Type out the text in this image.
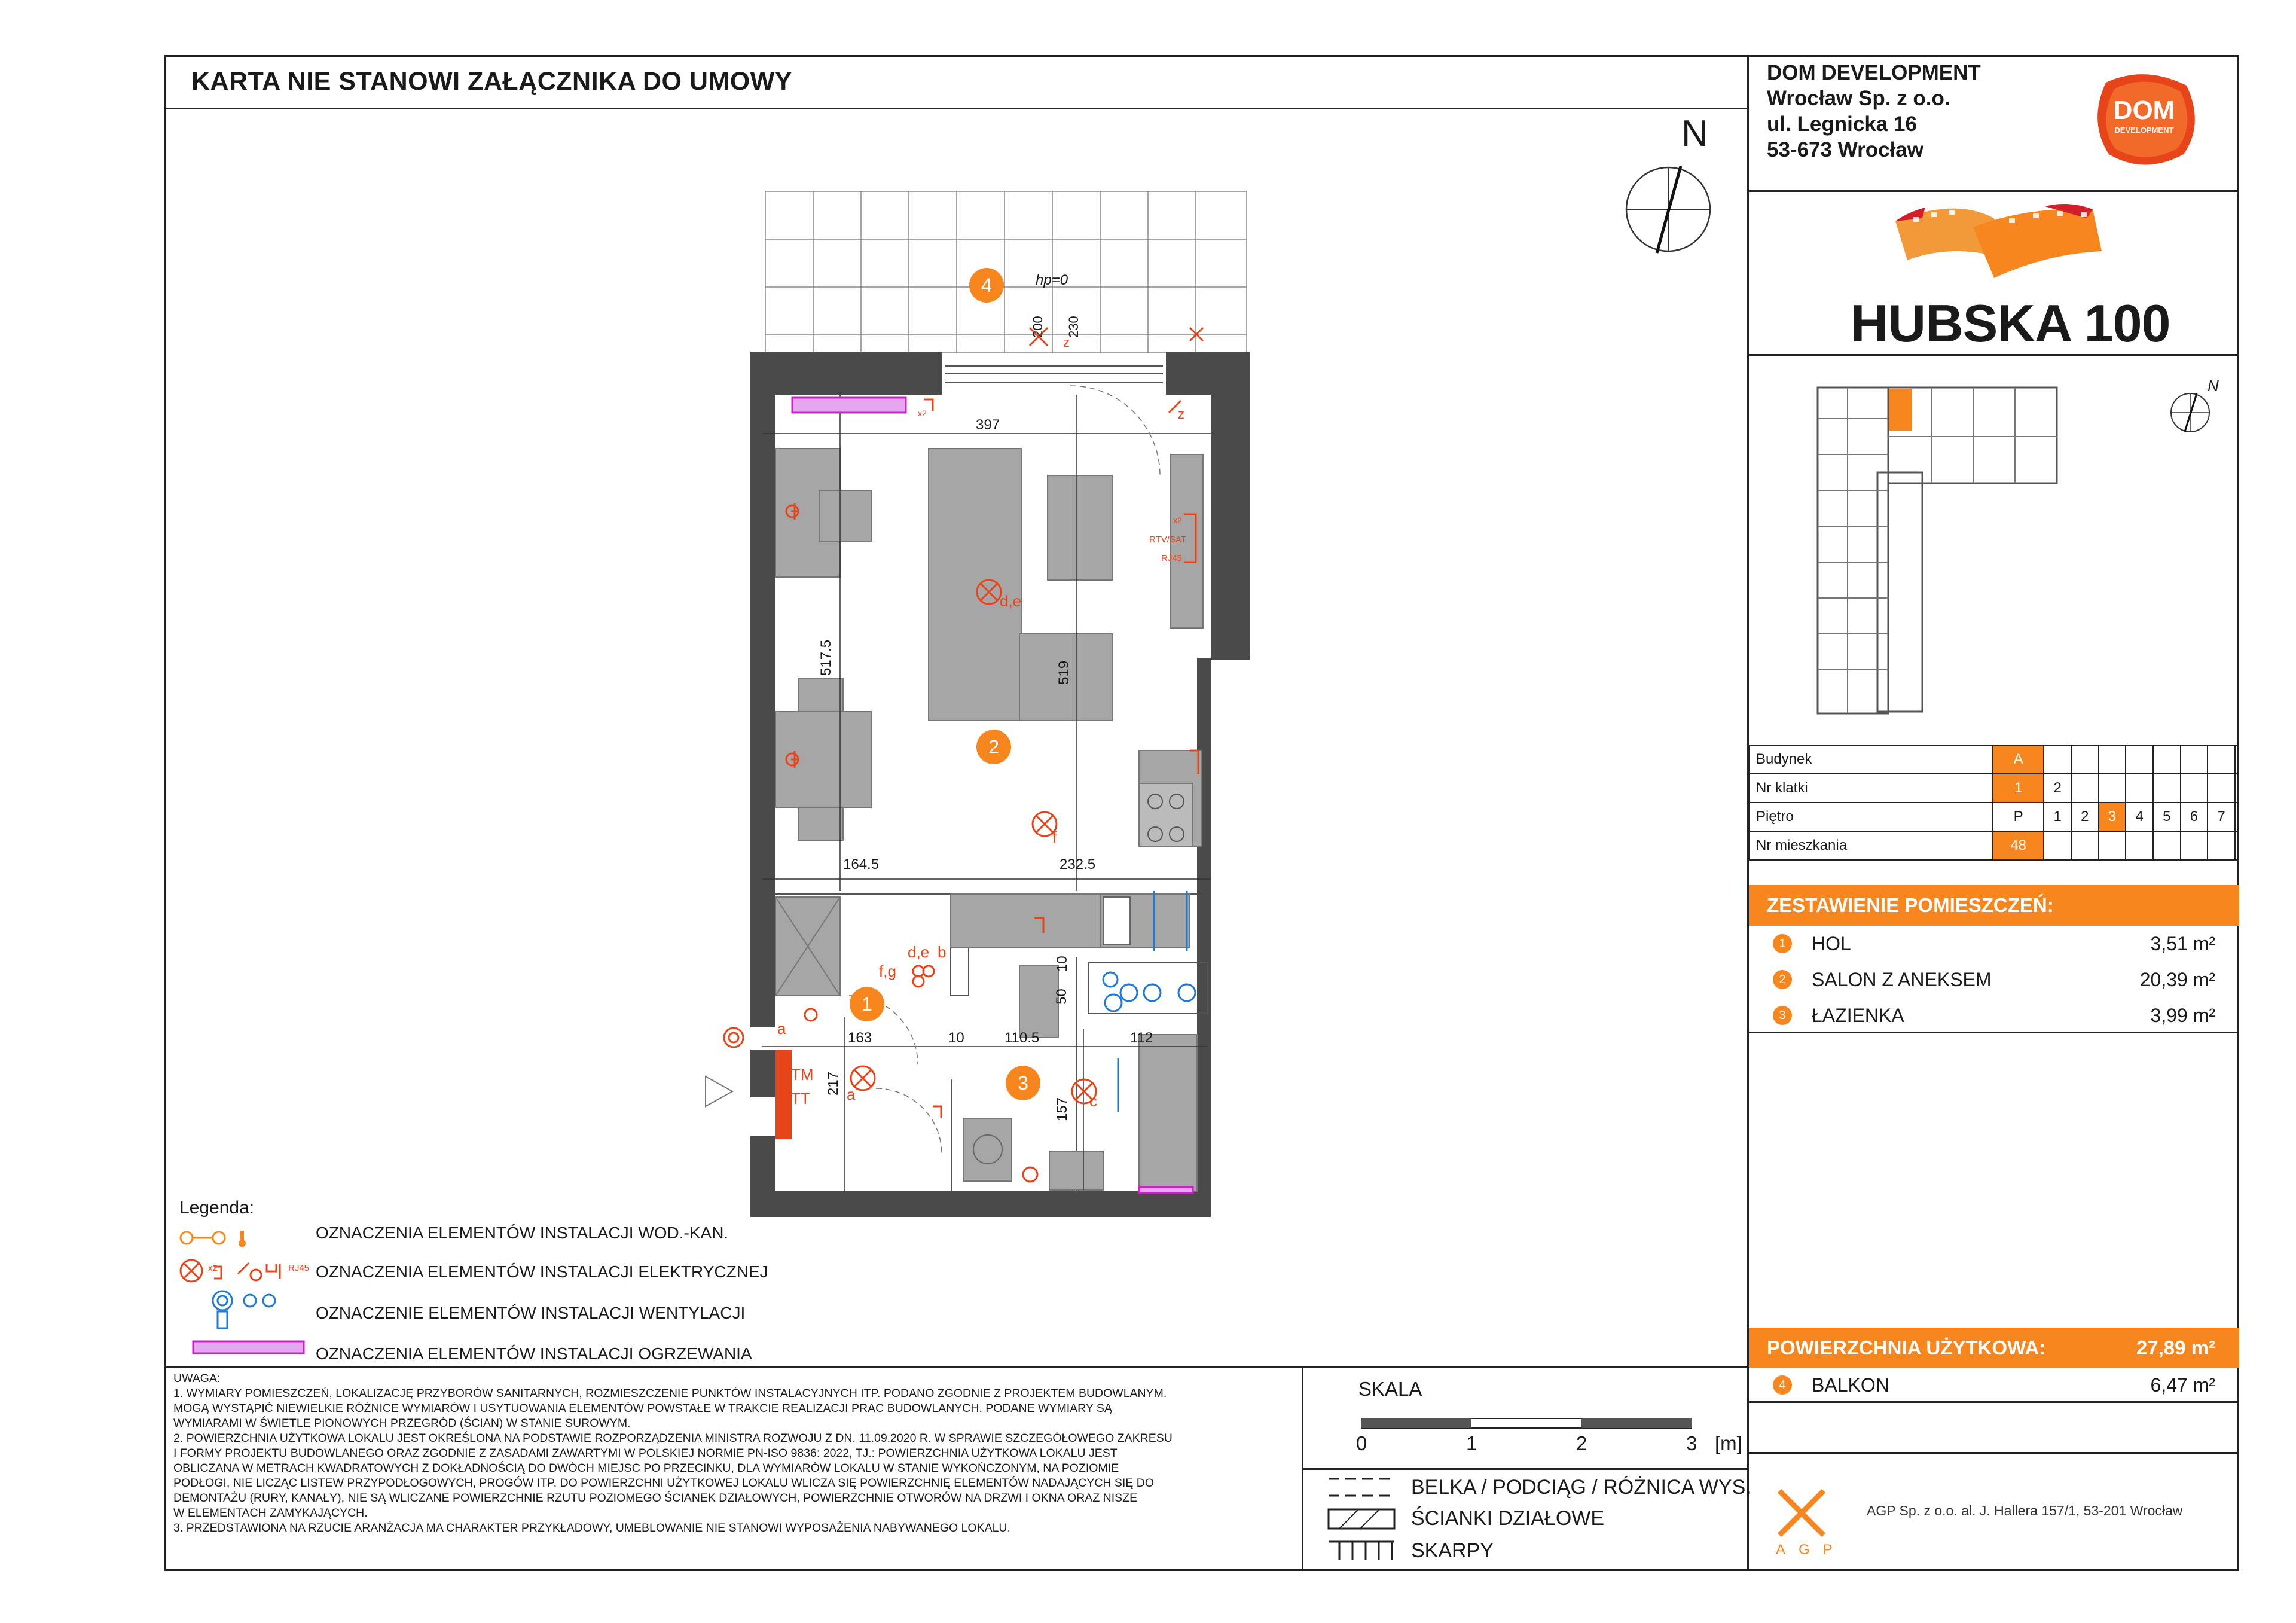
KARTA NIE STANOWI ZAŁĄCZNIKA DO UMOWY
N
DOM DEVELOPMENT
Wrocław Sp. z o.o.
ul. Legnicka 16
53-673 Wrocław
DOM
DEVELOPMENT
HUBSKA 100
N
Budynek	A								
Nr klatki	1	2							
Piętro	P	1	2	3	4	5	6	7	
Nr mieszkania	48								
ZESTAWIENIE POMIESZCZEŃ:
1	HOL	3,51 m²
2	SALON Z ANEKSEM	20,39 m²
3	ŁAZIENKA	3,99 m²
POWIERZCHNIA UŻYTKOWA:	27,89 m²
4	BALKON	6,47 m²
397
517.5	519
164.5	232.5
163	10	110.5	112
217
157
50
10
200 230
hp=0
RTV/SAT
RJ45
TM
TT
d,e
d,e
f,g
b
a
a
f
c
z
z
x2
x2
4
2
1
3
Legenda:
x2	RJ45
OZNACZENIA ELEMENTÓW INSTALACJI WOD.-KAN.
OZNACZENIA ELEMENTÓW INSTALACJI ELEKTRYCZNEJ
OZNACZENIE ELEMENTÓW INSTALACJI WENTYLACJI
OZNACZENIA ELEMENTÓW INSTALACJI OGRZEWANIA
UWAGA:
1. WYMIARY POMIESZCZEŃ, LOKALIZACJĘ PRZYBORÓW SANITARNYCH, ROZMIESZCZENIE PUNKTÓW INSTALACYJNYCH ITP. PODANO ZGODNIE Z PROJEKTEM BUDOWLANYM.
MOGĄ WYSTĄPIĆ NIEWIELKIE RÓŻNICE WYMIARÓW I USYTUOWANIA ELEMENTÓW POWSTAŁE W TRAKCIE REALIZACJI PRAC BUDOWLANYCH. PODANE WYMIARY SĄ
WYMIARAMI W ŚWIETLE PIONOWYCH PRZEGRÓD (ŚCIAN) W STANIE SUROWYM.
2. POWIERZCHNIA UŻYTKOWA LOKALU JEST OKREŚLONA NA PODSTAWIE ROZPORZĄDZENIA MINISTRA ROZWOJU Z DN. 11.09.2020 R. W SPRAWIE SZCZEGÓŁOWEGO ZAKRESU
I FORMY PROJEKTU BUDOWLANEGO ORAZ ZGODNIE Z ZASADAMI ZAWARTYMI W POLSKIEJ NORMIE PN-ISO 9836: 2022, TJ.: POWIERZCHNIA UŻYTKOWA LOKALU JEST
OBLICZANA W METRACH KWADRATOWYCH Z DOKŁADNOŚCIĄ DO DWÓCH MIEJSC PO PRZECINKU, DLA WYMIARÓW LOKALU W STANIE WYKOŃCZONYM, NA POZIOMIE
PODŁOGI, NIE LICZĄC LISTEW PRZYPODŁOGOWYCH, PROGÓW ITP. DO POWIERZCHNI UŻYTKOWEJ LOKALU WLICZA SIĘ POWIERZCHNIĘ ELEMENTÓW NADAJĄCYCH SIĘ DO
DEMONTAŻU (RURY, KANAŁY), NIE SĄ WLICZANE POWIERZCHNIE RZUTU POZIOMEGO ŚCIANEK DZIAŁOWYCH, POWIERZCHNIE OTWORÓW NA DRZWI I OKNA ORAZ NISZE
W ELEMENTACH ZAMYKAJĄCYCH.
3. PRZEDSTAWIONA NA RZUCIE ARANŻACJA MA CHARAKTER PRZYKŁADOWY, UMEBLOWANIE NIE STANOWI WYPOSAŻENIA NABYWANEGO LOKALU.
SKALA
0	1	2	3 [m]
BELKA / PODCIĄG / RÓŻNICA WYS.
ŚCIANKI DZIAŁOWE
SKARPY	AGP
AGP Sp. z o.o. al. J. Hallera 157/1, 53-201 Wrocław
